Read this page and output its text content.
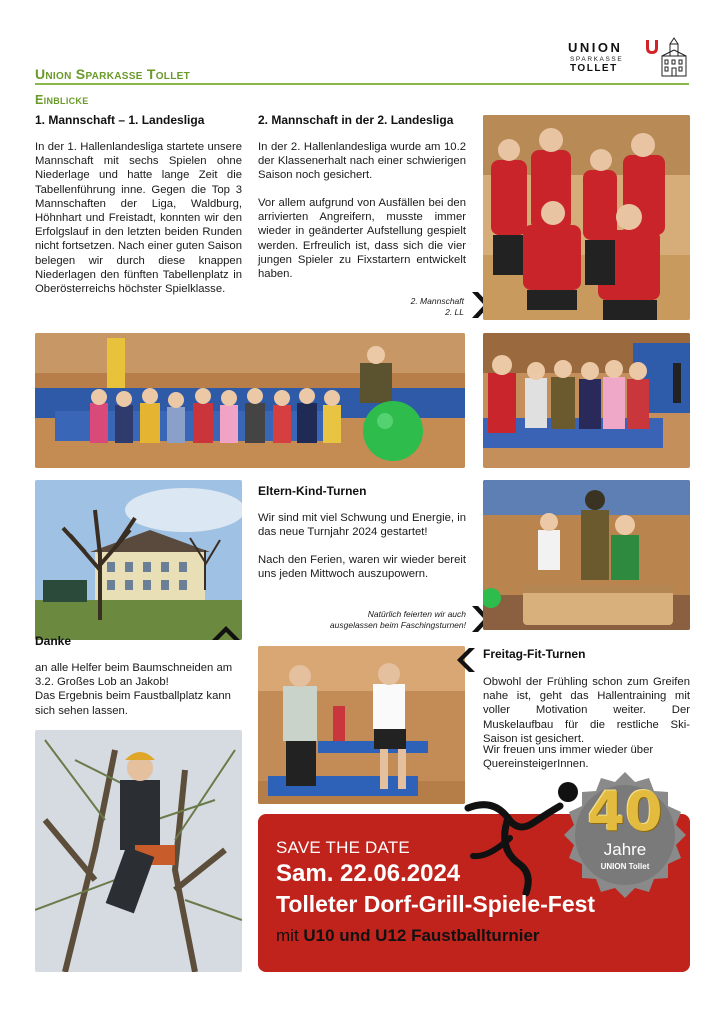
Union Sparkasse Tollet
Einblicke
UNION
SPARKASSE
TOLLET
1. Mannschaft – 1. Landesliga
In der 1. Hallenlandesliga startete unsere Mannschaft mit sechs Spielen ohne Niederlage und hatte lange Zeit die Tabellenführung inne. Gegen die Top 3 Mannschaften der Liga, Waldburg, Höhnhart und Freistadt, konnten wir den Erfolgslauf in den letzten beiden Runden nicht fortsetzen. Nach einer guten Saison belegen wir durch diese knappen Niederlagen den fünften Tabellenplatz in Oberösterreichs höchster Spielklasse.
2. Mannschaft in der 2. Landesliga
In der 2. Hallenlandesliga wurde am 10.2 der Klassenerhalt nach einer schwierigen Saison noch gesichert.
Vor allem aufgrund von Ausfällen bei den arrivierten Angreifern, musste immer wieder in geänderter Aufstellung gespielt werden. Erfreulich ist, dass sich die vier jungen Spieler zu Fixstartern entwickelt haben.
2. Mannschaft
2. LL
Eltern-Kind-Turnen
Wir sind mit viel Schwung und Energie, in das neue Turnjahr 2024 gestartet!
Nach den Ferien, waren wir wieder bereit uns jeden Mittwoch auszupowern.
Natürlich feierten wir auch
ausgelassen beim Faschingsturnen!
Danke
an alle Helfer beim Baumschneiden am 3.2. Großes Lob an Jakob!
Das Ergebnis beim Faustballplatz kann sich sehen lassen.
Freitag-Fit-Turnen
Obwohl der Frühling schon zum Greifen nahe ist, geht das Hallentraining mit voller Motivation weiter. Der Muskelaufbau für die restliche Ski-Saison ist gesichert.
Wir freuen uns immer wieder über QuereinsteigerInnen.
40
Jahre
UNION Tollet
SAVE THE DATE
Sam. 22.06.2024
Tolleter Dorf-Grill-Spiele-Fest
mit U10 und U12 Faustballturnier
